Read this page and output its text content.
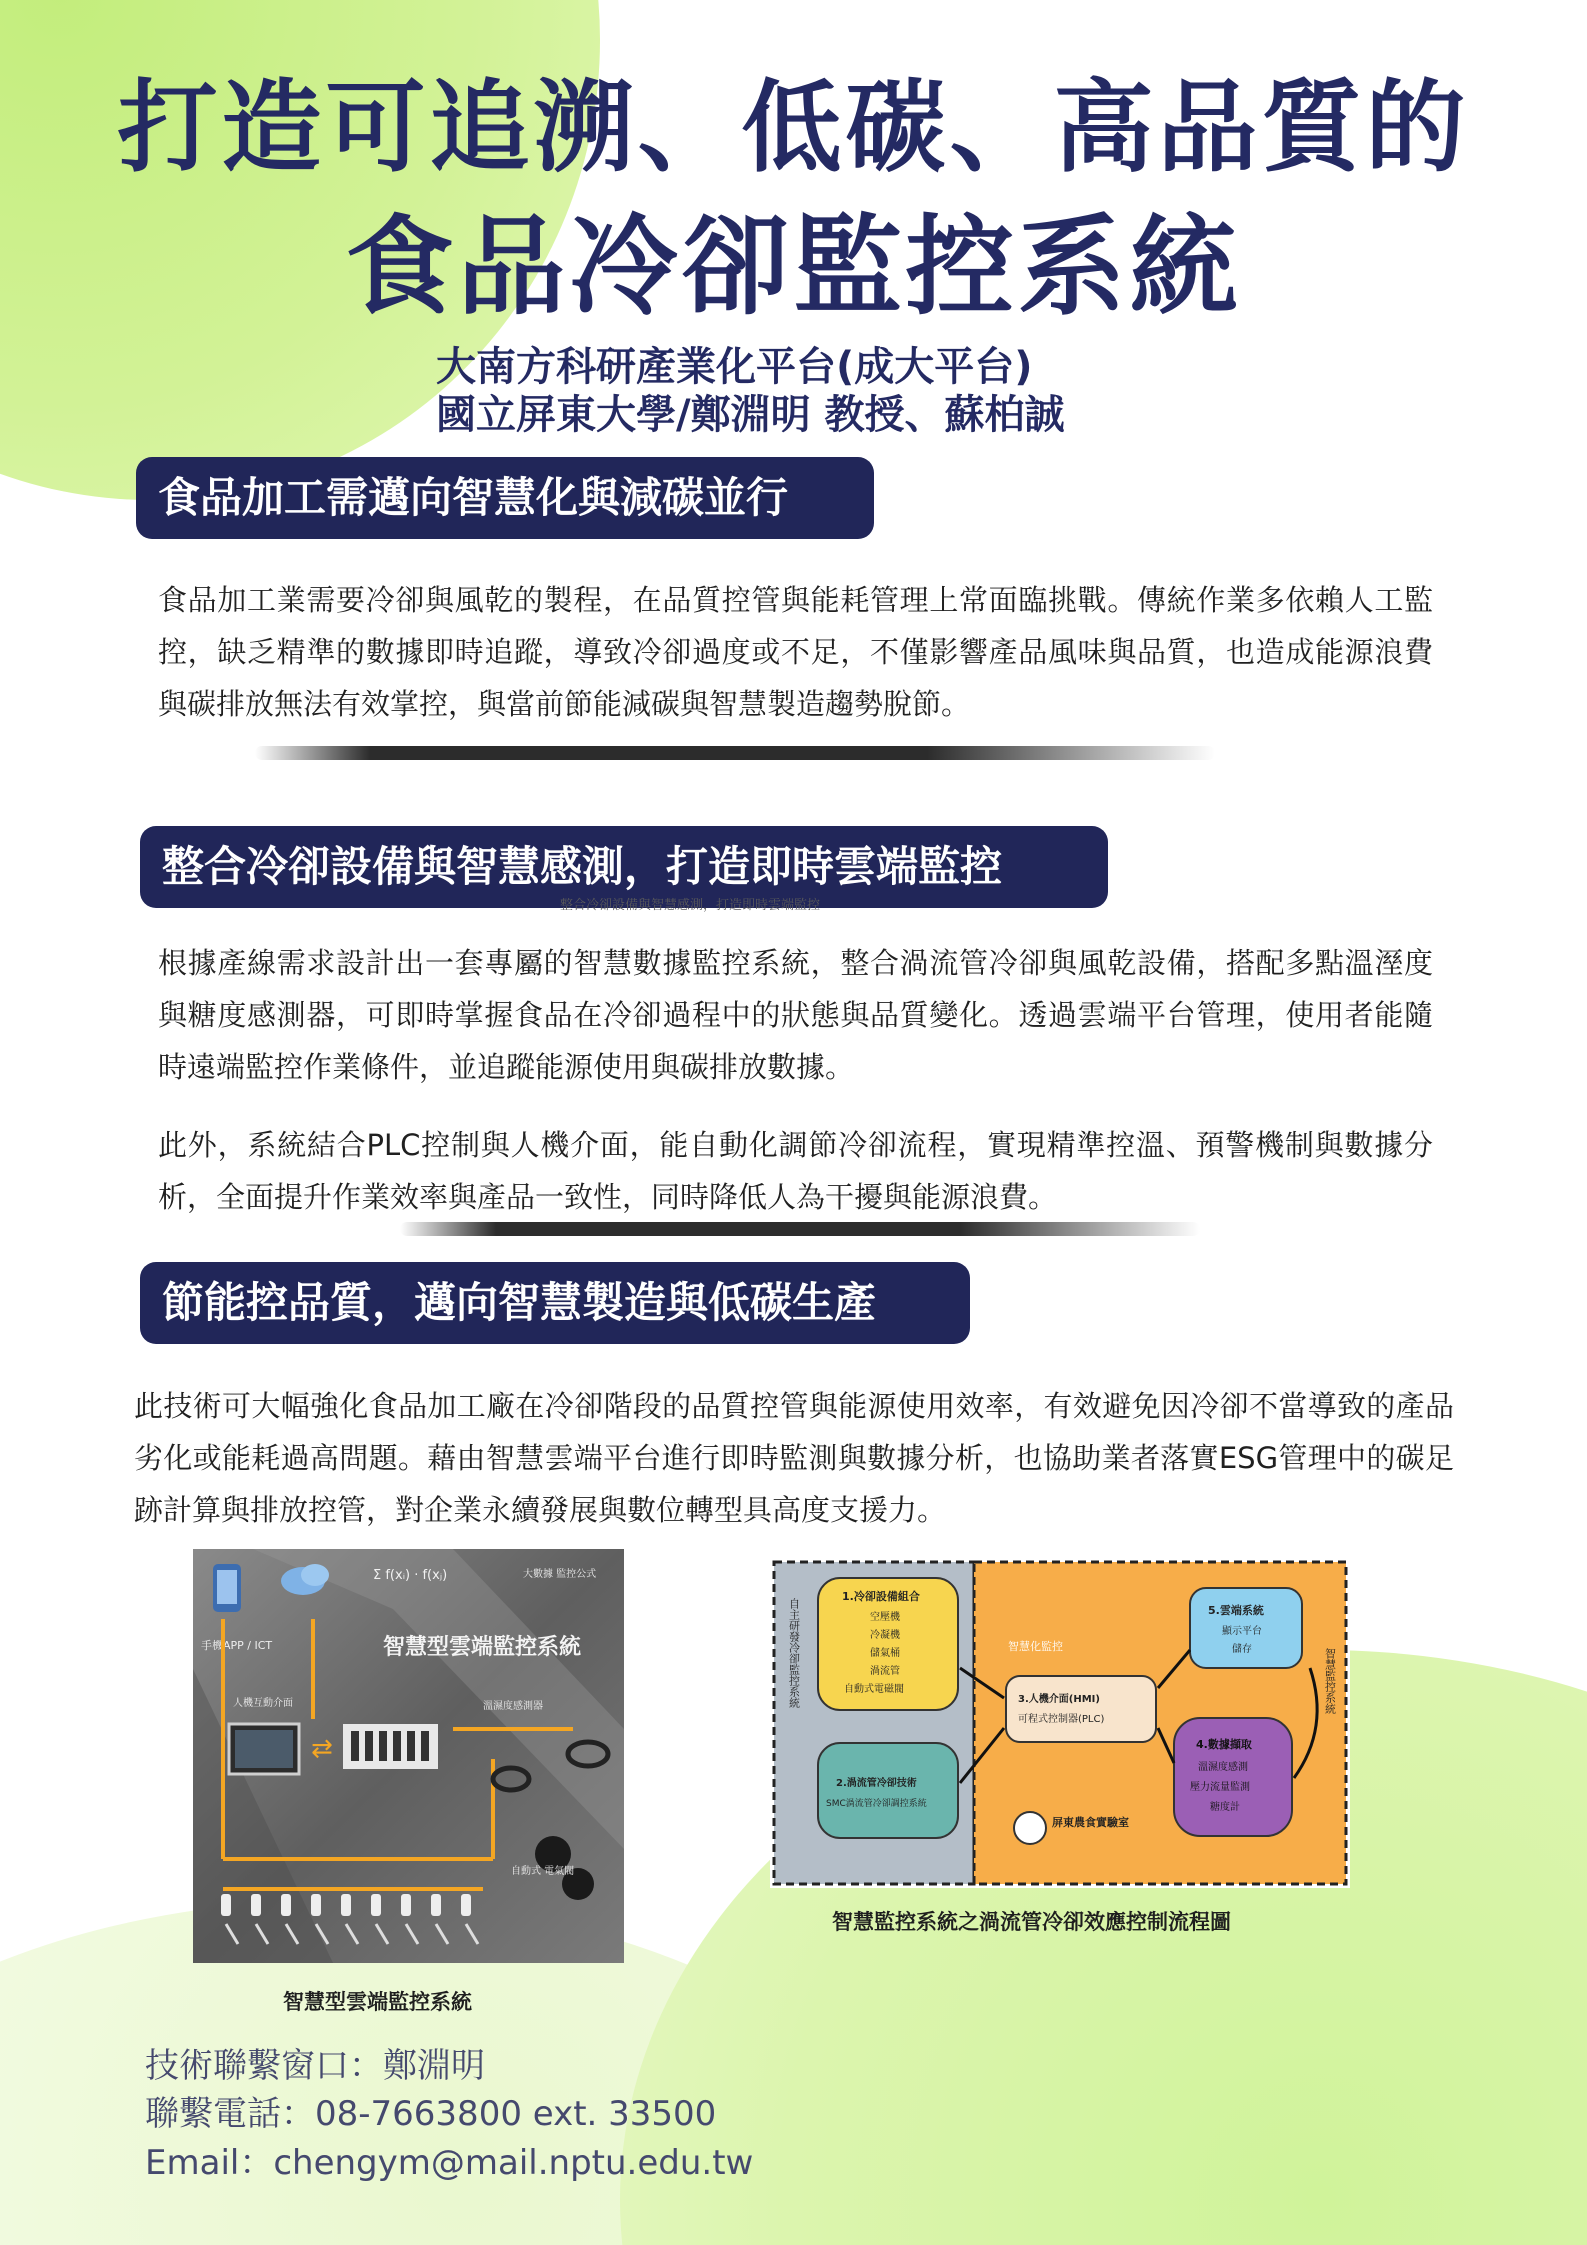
打造可追溯、低碳、高品質的
食品冷卻監控系統

大南方科研產業化平台(成大平台)

國立屏東大學/鄭淵明 教授、蘇柏誠

食品加工需邁向智慧化與減碳並行

食品加工業需要冷卻與風乾的製程，在品質控管與能耗管理上常面臨挑戰。傳統作業多依賴人工監控，缺乏精準的數據即時追蹤，導致冷卻過度或不足，不僅影響產品風味與品質，也造成能源浪費與碳排放無法有效掌控，與當前節能減碳與智慧製造趨勢脫節。

整合冷卻設備與智慧感測，打造即時雲端監控
整合冷卻設備與智慧感測，打造即時雲端監控

根據產線需求設計出一套專屬的智慧數據監控系統，整合渦流管冷卻與風乾設備，搭配多點溫溼度與糖度感測器，可即時掌握食品在冷卻過程中的狀態與品質變化。透過雲端平台管理，使用者能隨時遠端監控作業條件，並追蹤能源使用與碳排放數據。

此外，系統結合PLC控制與人機介面，能自動化調節冷卻流程，實現精準控溫、預警機制與數據分析，全面提升作業效率與產品一致性，同時降低人為干擾與能源浪費。

節能控品質，邁向智慧製造與低碳生產

此技術可大幅強化食品加工廠在冷卻階段的品質控管與能源使用效率，有效避免因冷卻不當導致的產品劣化或能耗過高問題。藉由智慧雲端平台進行即時監測與數據分析，也協助業者落實ESG管理中的碳足跡計算與排放控管，對企業永續發展與數位轉型具高度支援力。

手機APP / ICT
Σ f(xᵢ) · f(xⱼ)	大數據 監控公式
智慧型雲端監控系統
人機互動介面
⇄
溫濕度感測器
自動式 電氣閥

智慧型雲端監控系統

自主研發冷卻監控系統	智慧監控系統
1.冷卻設備組合
空壓機
冷凝機
儲氣桶
渦流管
自動式電磁閥
2.渦流管冷卻技術
SMC渦流管冷卻調控系統
智慧化監控
3.人機介面(HMI)
可程式控制器(PLC)
5.雲端系統
顯示平台
儲存
4.數據擷取
溫濕度感測
壓力流量監測
糖度計
屏東農食實驗室

智慧監控系統之渦流管冷卻效應控制流程圖

技術聯繫窗口：鄭淵明

聯繫電話：08-7663800 ext. 33500

Email：chengym@mail.nptu.edu.tw
